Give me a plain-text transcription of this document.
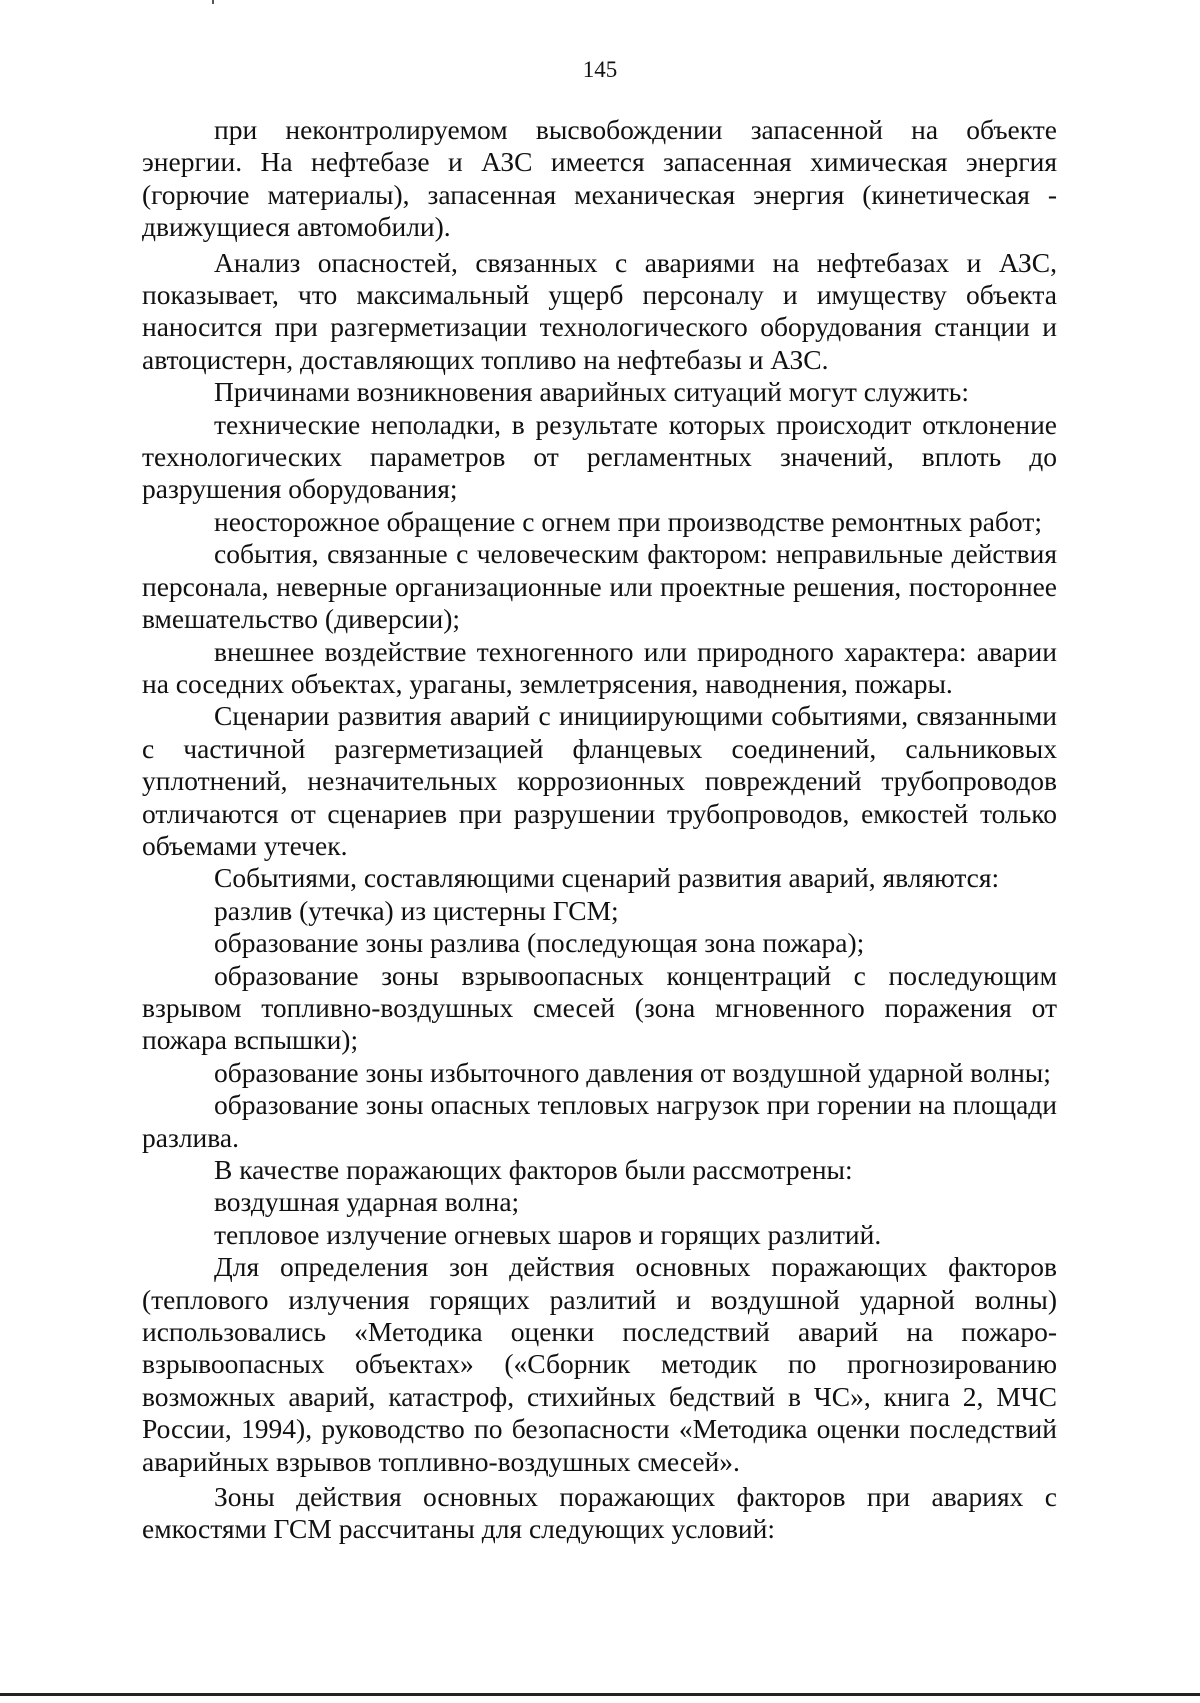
145

при неконтролируемом высвобождении запасенной на объекте энергии. На нефтебазе и АЗС имеется запасенная химическая энергия (горючие материалы), запасенная механическая энергия (кинетическая - движущиеся автомобили).

Анализ опасностей, связанных с авариями на нефтебазах и АЗС, показывает, что максимальный ущерб персоналу и имуществу объекта наносится при разгерметизации технологического оборудования станции и автоцистерн, доставляющих топливо на нефтебазы и АЗС.

Причинами возникновения аварийных ситуаций могут служить:

технические неполадки, в результате которых происходит отклонение технологических параметров от регламентных значений, вплоть до разрушения оборудования;

неосторожное обращение с огнем при производстве ремонтных работ;

события, связанные с человеческим фактором: неправильные действия персонала, неверные организационные или проектные решения, постороннее вмешательство (диверсии);

внешнее воздействие техногенного или природного характера: аварии на соседних объектах, ураганы, землетрясения, наводнения, пожары.

Сценарии развития аварий с инициирующими событиями, связанными с частичной разгерметизацией фланцевых соединений, сальниковых уплотнений, незначительных коррозионных повреждений трубопроводов отличаются от сценариев при разрушении трубопроводов, емкостей только объемами утечек.

Событиями, составляющими сценарий развития аварий, являются:

разлив (утечка) из цистерны ГСМ;

образование зоны разлива (последующая зона пожара);

образование зоны взрывоопасных концентраций с последующим взрывом топливно-воздушных смесей (зона мгновенного поражения от пожара вспышки);

образование зоны избыточного давления от воздушной ударной волны;

образование зоны опасных тепловых нагрузок при горении на площади разлива.

В качестве поражающих факторов были рассмотрены:

воздушная ударная волна;

тепловое излучение огневых шаров и горящих разлитий.

Для определения зон действия основных поражающих факторов (теплового излучения горящих разлитий и воздушной ударной волны) использовались «Методика оценки последствий аварий на пожаро-взрывоопасных объектах» («Сборник методик по прогнозированию возможных аварий, катастроф, стихийных бедствий в ЧС», книга 2, МЧС России, 1994), руководство по безопасности «Методика оценки последствий аварийных взрывов топливно-воздушных смесей».

Зоны действия основных поражающих факторов при авариях с емкостями ГСМ рассчитаны для следующих условий:
